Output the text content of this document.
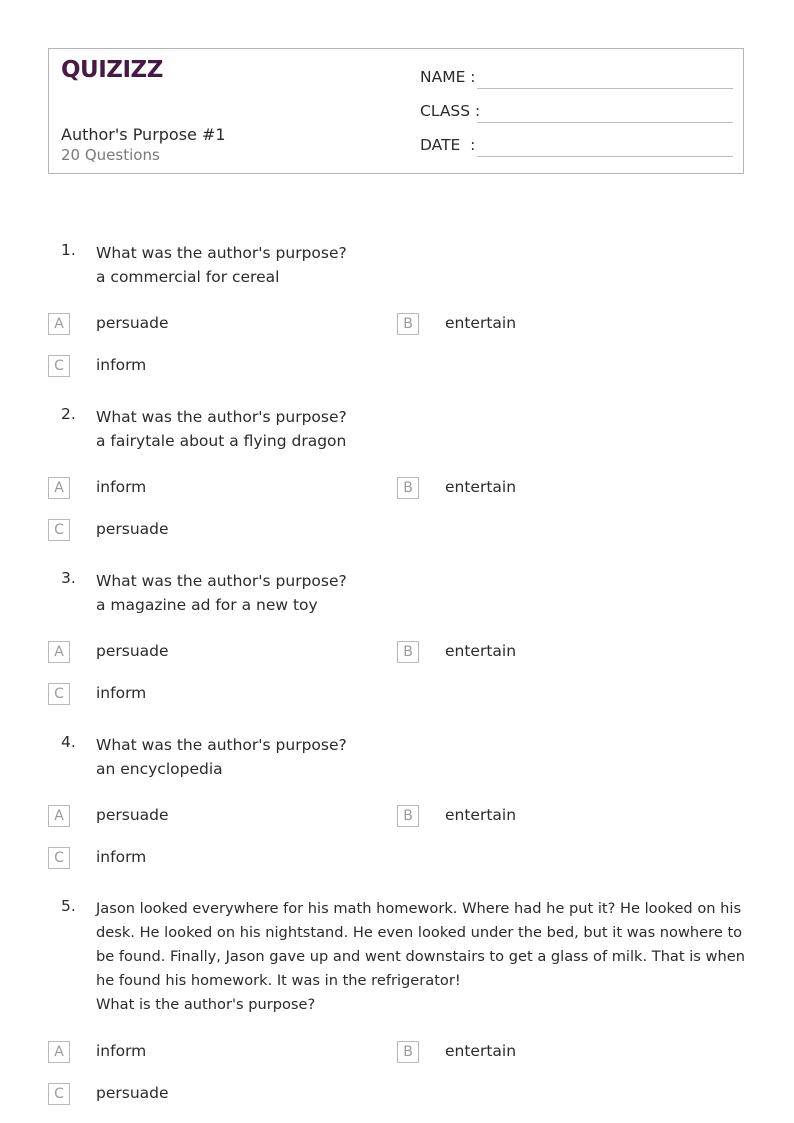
QUIZIZZ
Author's Purpose #1
20 Questions
NAME :
CLASS :
DATE  :
1. What was the author's purpose?
a commercial for cereal
A	persuade	B	entertain
C	inform
2. What was the author's purpose?
a fairytale about a flying dragon
A	inform	B	entertain
C	persuade
3. What was the author's purpose?
a magazine ad for a new toy
A	persuade	B	entertain
C	inform
4. What was the author's purpose?
an encyclopedia
A	persuade	B	entertain
C	inform
5. Jason looked everywhere for his math homework. Where had he put it? He looked on his
desk. He looked on his nightstand. He even looked under the bed, but it was nowhere to
be found. Finally, Jason gave up and went downstairs to get a glass of milk. That is when
he found his homework. It was in the refrigerator!
What is the author's purpose?
A	inform	B	entertain
C	persuade
